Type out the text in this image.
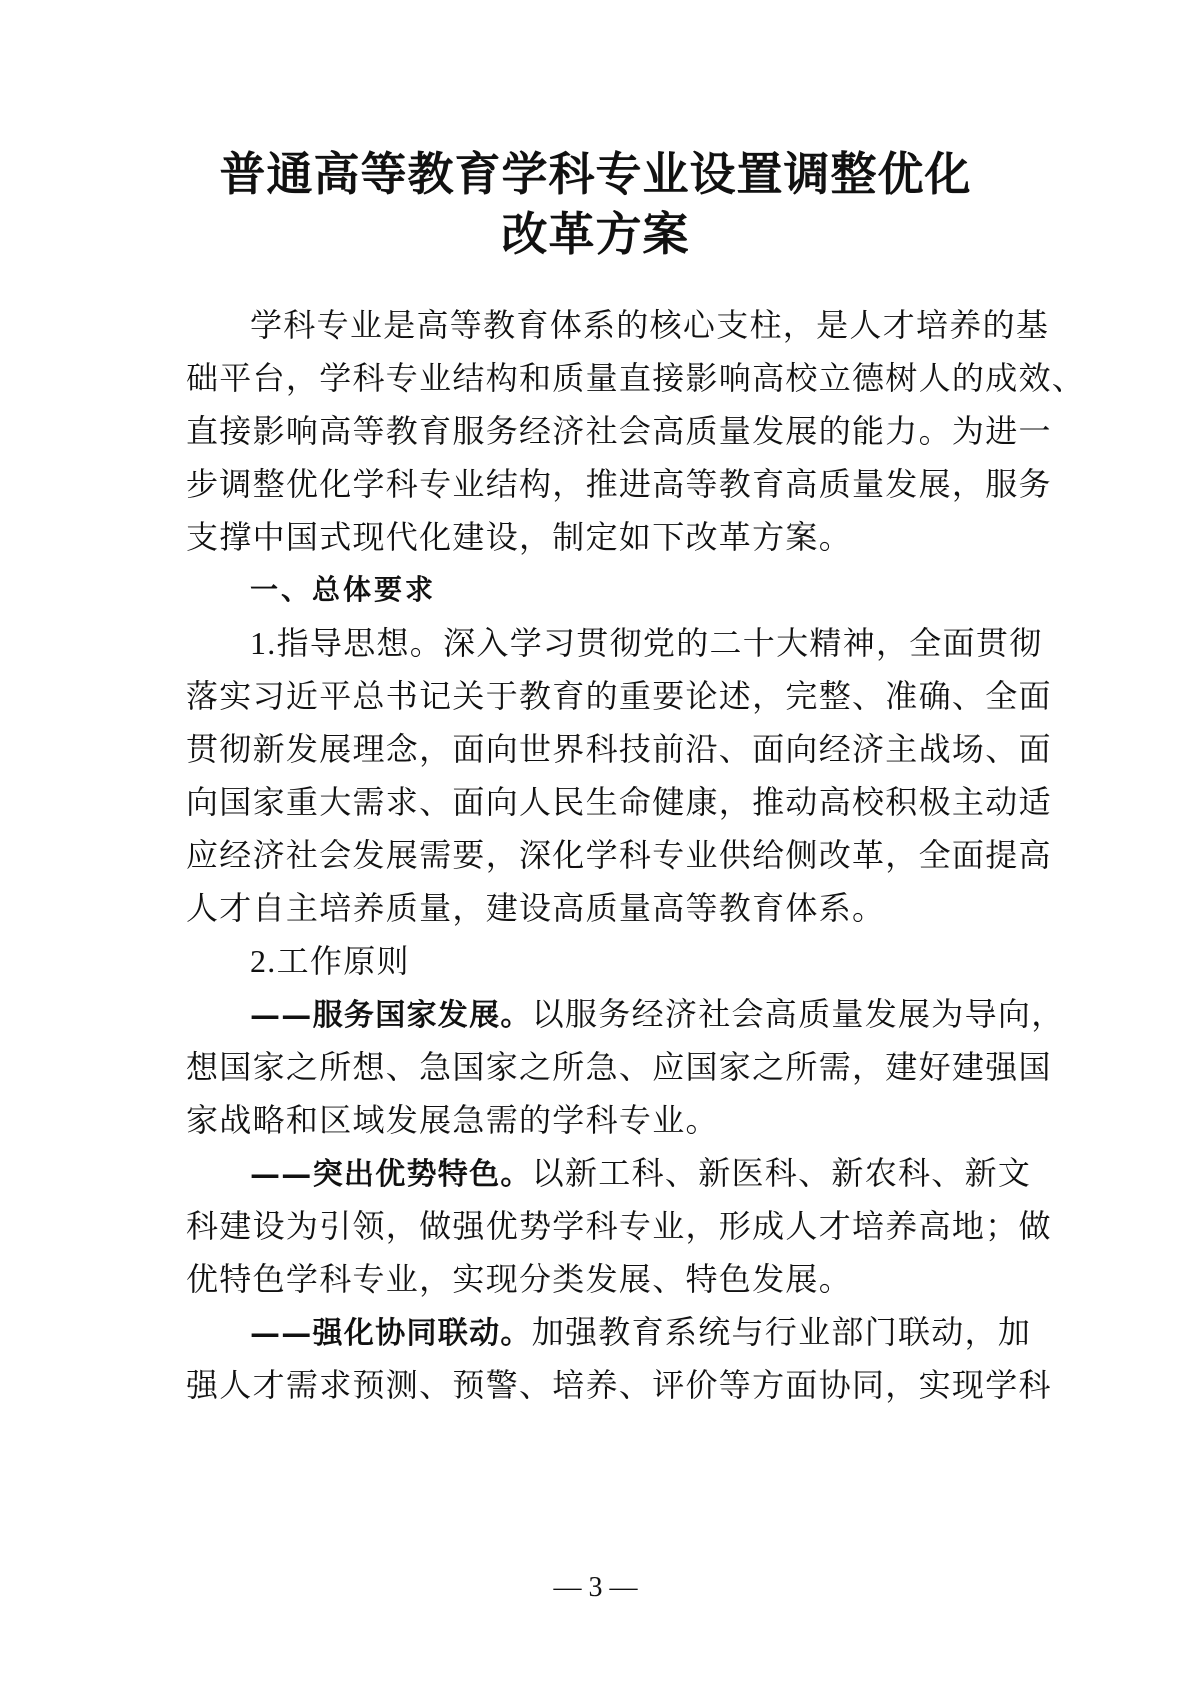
普通高等教育学科专业设置调整优化
改革方案
学科专业是高等教育体系的核心支柱，是人才培养的基
础平台，学科专业结构和质量直接影响高校立德树人的成效、
直接影响高等教育服务经济社会高质量发展的能力。为进一
步调整优化学科专业结构，推进高等教育高质量发展，服务
支撑中国式现代化建设，制定如下改革方案。
一、总体要求
1.指导思想。深入学习贯彻党的二十大精神，全面贯彻
落实习近平总书记关于教育的重要论述，完整、准确、全面
贯彻新发展理念，面向世界科技前沿、面向经济主战场、面
向国家重大需求、面向人民生命健康，推动高校积极主动适
应经济社会发展需要，深化学科专业供给侧改革，全面提高
人才自主培养质量，建设高质量高等教育体系。
2.工作原则
——服务国家发展。以服务经济社会高质量发展为导向，
想国家之所想、急国家之所急、应国家之所需，建好建强国
家战略和区域发展急需的学科专业。
——突出优势特色。以新工科、新医科、新农科、新文
科建设为引领，做强优势学科专业，形成人才培养高地；做
优特色学科专业，实现分类发展、特色发展。
——强化协同联动。加强教育系统与行业部门联动，加
强人才需求预测、预警、培养、评价等方面协同，实现学科
— 3 —
